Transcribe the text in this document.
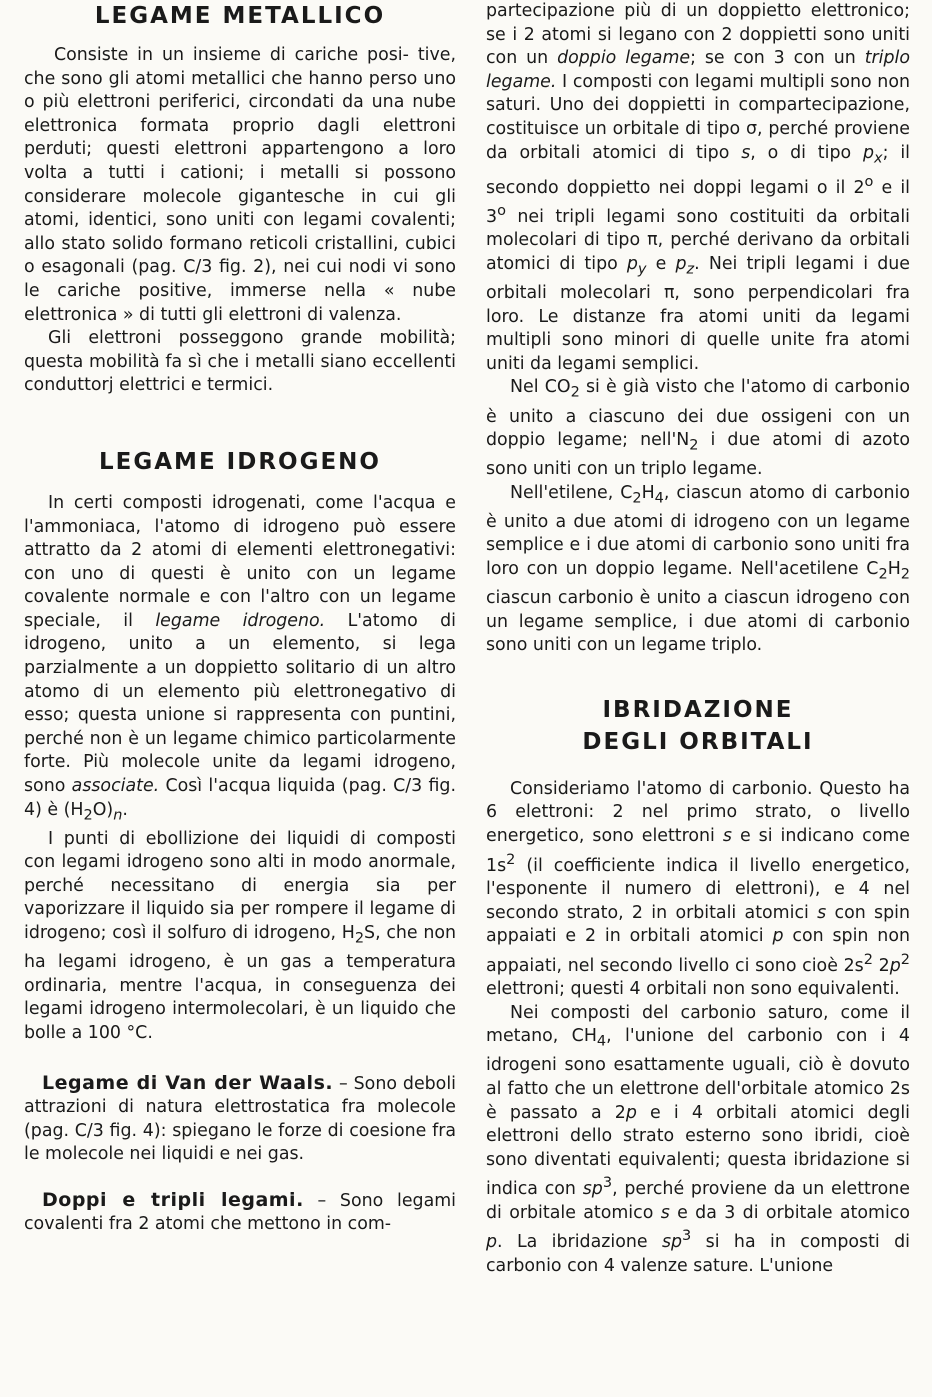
LEGAME METALLICO

Consiste in un insieme di cariche posi- tive, che sono gli atomi metallici che hanno perso uno o più elettroni periferici, circondati da una nube elettronica formata proprio dagli elettroni perduti; questi elettroni appartengono a loro volta a tutti i cationi; i metalli si possono considerare molecole gigantesche in cui gli atomi, identici, sono uniti con legami covalenti; allo stato solido formano reticoli cristallini, cubici o esagonali (pag. C/3 fig. 2), nei cui nodi vi sono le cariche positive, immerse nella « nube elettronica » di tutti gli elettroni di valenza.

Gli elettroni posseggono grande mobilità; questa mobilità fa sì che i metalli siano eccellenti conduttorj elettrici e termici.

LEGAME IDROGENO

In certi composti idrogenati, come l'acqua e l'ammoniaca, l'atomo di idrogeno può essere attratto da 2 atomi di elementi elettronegativi: con uno di questi è unito con un legame covalente normale e con l'altro con un legame speciale, il legame idrogeno. L'atomo di idrogeno, unito a un elemento, si lega parzialmente a un doppietto solitario di un altro atomo di un elemento più elettronegativo di esso; questa unione si rappresenta con puntini, perché non è un legame chimico particolarmente forte. Più molecole unite da legami idrogeno, sono associate. Così l'acqua liquida (pag. C/3 fig. 4) è $(H_2O)_n$.

I punti di ebollizione dei liquidi di composti con legami idrogeno sono alti in modo anormale, perché necessitano di energia sia per vaporizzare il liquido sia per rompere il legame di idrogeno; così il solfuro di idrogeno, $H_2S$, che non ha legami idrogeno, è un gas a temperatura ordinaria, mentre l'acqua, in conseguenza dei legami idrogeno intermolecolari, è un liquido che bolle a 100 °C.

Legame di Van der Waals. – Sono deboli attrazioni di natura elettrostatica fra molecole (pag. C/3 fig. 4): spiegano le forze di coesione fra le molecole nei liquidi e nei gas.

Doppi e tripli legami. – Sono legami covalenti fra 2 atomi che mettono in com-

partecipazione più di un doppietto elettronico; se i 2 atomi si legano con 2 doppietti sono uniti con un doppio legame; se con 3 con un triplo legame. I composti con legami multipli sono non saturi. Uno dei doppietti in compartecipazione, costituisce un orbitale di tipo σ, perché proviene da orbitali atomici di tipo s, o di tipo $p_x$; il secondo doppietto nei doppi legami o il 2$^o$ e il 3$^o$ nei tripli legami sono costituiti da orbitali molecolari di tipo π, perché derivano da orbitali atomici di tipo $p_y$ e $p_z$. Nei tripli legami i due orbitali molecolari π, sono perpendicolari fra loro. Le distanze fra atomi uniti da legami multipli sono minori di quelle unite fra atomi uniti da legami semplici.

Nel $CO_2$ si è già visto che l'atomo di carbonio è unito a ciascuno dei due ossigeni con un doppio legame; $nell'N_2$ i due atomi di azoto sono uniti con un triplo legame.

Nell'etilene, $C_2H_4$, ciascun atomo di carbonio è unito a due atomi di idrogeno con un legame semplice e i due atomi di carbonio sono uniti fra loro con un doppio legame. Nell'acetilene $C_2H_2$ ciascun carbonio è unito a ciascun idrogeno con un legame semplice, i due atomi di carbonio sono uniti con un legame triplo.

IBRIDAZIONE
DEGLI ORBITALI

Consideriamo l'atomo di carbonio. Questo ha 6 elettroni: 2 nel primo strato, o livello energetico, sono elettroni s e si indicano come $1s^2$ (il coefficiente indica il livello energetico, l'esponente il numero di elettroni), e 4 nel secondo strato, 2 in orbitali atomici s con spin appaiati e 2 in orbitali atomici p con spin non appaiati, nel secondo livello ci sono cioè $2s^2$ $2p^2$ elettroni; questi 4 orbitali non sono equivalenti.

Nei composti del carbonio saturo, come il metano, $CH_4$, l'unione del carbonio con i 4 idrogeni sono esattamente uguali, ciò è dovuto al fatto che un elettrone dell'orbitale atomico 2s è passato a 2p e i 4 orbitali atomici degli elettroni dello strato esterno sono ibridi, cioè sono diventati equivalenti; questa ibridazione si indica con $sp^3$, perché proviene da un elettrone di orbitale atomico s e da 3 di orbitale atomico p. La ibridazione $sp^3$ si ha in composti di carbonio con 4 valenze sature. L'unione
